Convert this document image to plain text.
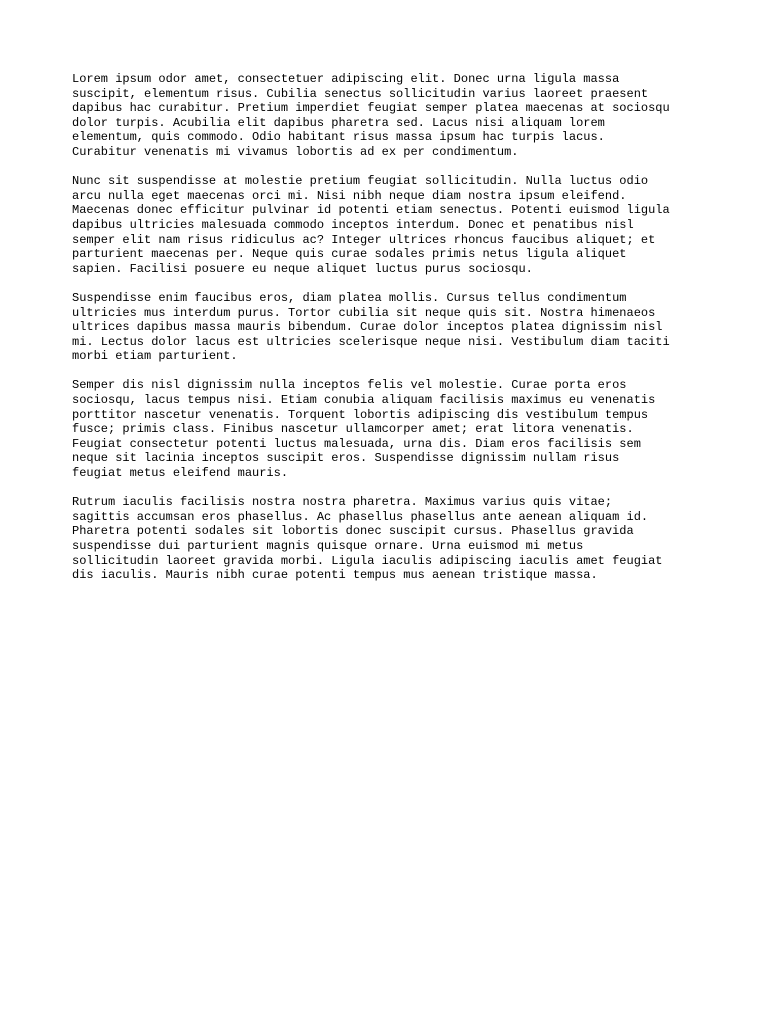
Lorem ipsum odor amet, consectetuer adipiscing elit. Donec urna ligula massa
suscipit, elementum risus. Cubilia senectus sollicitudin varius laoreet praesent
dapibus hac curabitur. Pretium imperdiet feugiat semper platea maecenas at sociosqu
dolor turpis. Acubilia elit dapibus pharetra sed. Lacus nisi aliquam lorem
elementum, quis commodo. Odio habitant risus massa ipsum hac turpis lacus.
Curabitur venenatis mi vivamus lobortis ad ex per condimentum.

Nunc sit suspendisse at molestie pretium feugiat sollicitudin. Nulla luctus odio
arcu nulla eget maecenas orci mi. Nisi nibh neque diam nostra ipsum eleifend.
Maecenas donec efficitur pulvinar id potenti etiam senectus. Potenti euismod ligula
dapibus ultricies malesuada commodo inceptos interdum. Donec et penatibus nisl
semper elit nam risus ridiculus ac? Integer ultrices rhoncus faucibus aliquet; et
parturient maecenas per. Neque quis curae sodales primis netus ligula aliquet
sapien. Facilisi posuere eu neque aliquet luctus purus sociosqu.

Suspendisse enim faucibus eros, diam platea mollis. Cursus tellus condimentum
ultricies mus interdum purus. Tortor cubilia sit neque quis sit. Nostra himenaeos
ultrices dapibus massa mauris bibendum. Curae dolor inceptos platea dignissim nisl
mi. Lectus dolor lacus est ultricies scelerisque neque nisi. Vestibulum diam taciti
morbi etiam parturient.

Semper dis nisl dignissim nulla inceptos felis vel molestie. Curae porta eros
sociosqu, lacus tempus nisi. Etiam conubia aliquam facilisis maximus eu venenatis
porttitor nascetur venenatis. Torquent lobortis adipiscing dis vestibulum tempus
fusce; primis class. Finibus nascetur ullamcorper amet; erat litora venenatis.
Feugiat consectetur potenti luctus malesuada, urna dis. Diam eros facilisis sem
neque sit lacinia inceptos suscipit eros. Suspendisse dignissim nullam risus
feugiat metus eleifend mauris.

Rutrum iaculis facilisis nostra nostra pharetra. Maximus varius quis vitae;
sagittis accumsan eros phasellus. Ac phasellus phasellus ante aenean aliquam id.
Pharetra potenti sodales sit lobortis donec suscipit cursus. Phasellus gravida
suspendisse dui parturient magnis quisque ornare. Urna euismod mi metus
sollicitudin laoreet gravida morbi. Ligula iaculis adipiscing iaculis amet feugiat
dis iaculis. Mauris nibh curae potenti tempus mus aenean tristique massa.
